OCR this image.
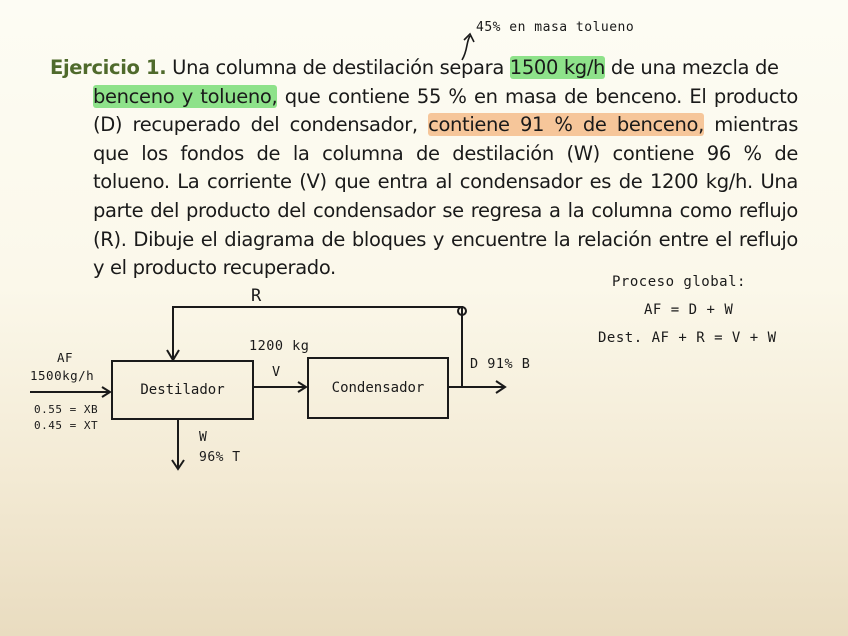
45% en masa tolueno
Ejercicio 1. Una columna de destilación separa 1500 kg/h de una mezcla de
benceno y tolueno, que contiene 55 % en masa de benceno. El producto (D) recuperado del condensador, contiene 91 % de benceno, mientras que los fondos de la columna de destilación (W) contiene 96 % de tolueno. La corriente (V) que entra al condensador es de 1200 kg/h. Una parte del producto del condensador se regresa a la columna como reflujo (R). Dibuje el diagrama de bloques y encuentre la relación entre el reflujo y el producto recuperado.
Destilador	Condensador
R
1200 kg
V	D 91% B
AF
1500kg/h
0.55 = XB
0.45 = XT
W
96% T
Proceso global:
AF = D + W
Dest. AF + R = V + W
